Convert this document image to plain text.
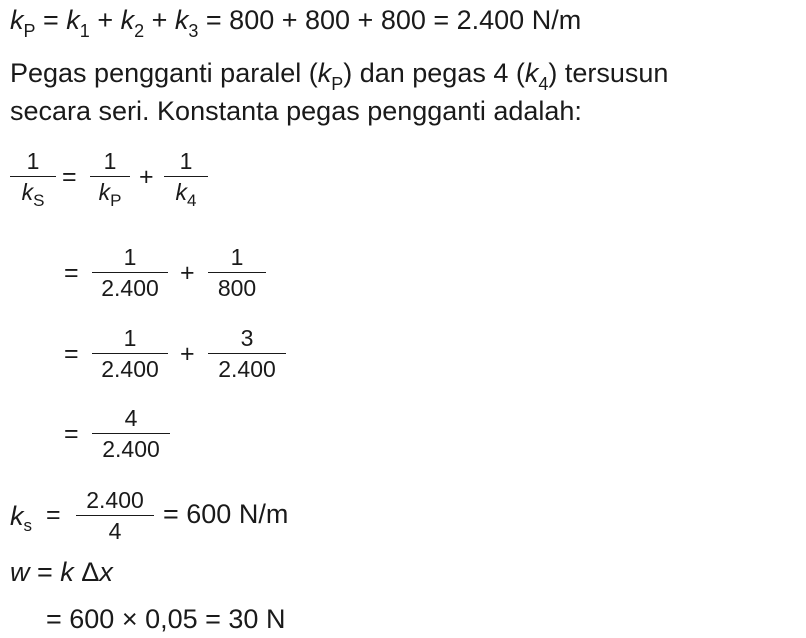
$k_P = k_1 + k_2 + k_3 = 800 + 800 + 800 = 2.400$ N/m
Pegas pengganti paralel $(k_P)$ dan pegas 4 $(k_4)$ tersusun
secara seri. Konstanta pegas pengganti adalah:
1
$k_S$
=
1
$k_P$
+
1
$k_4$
=
1
2.400
+
1
800
=
1
2.400
+
3
2.400
=
4
2.400
$k_s$ =
2.400
4
= 600 N/m
w = k Δx
= 600 × 0,05 = 30 N
